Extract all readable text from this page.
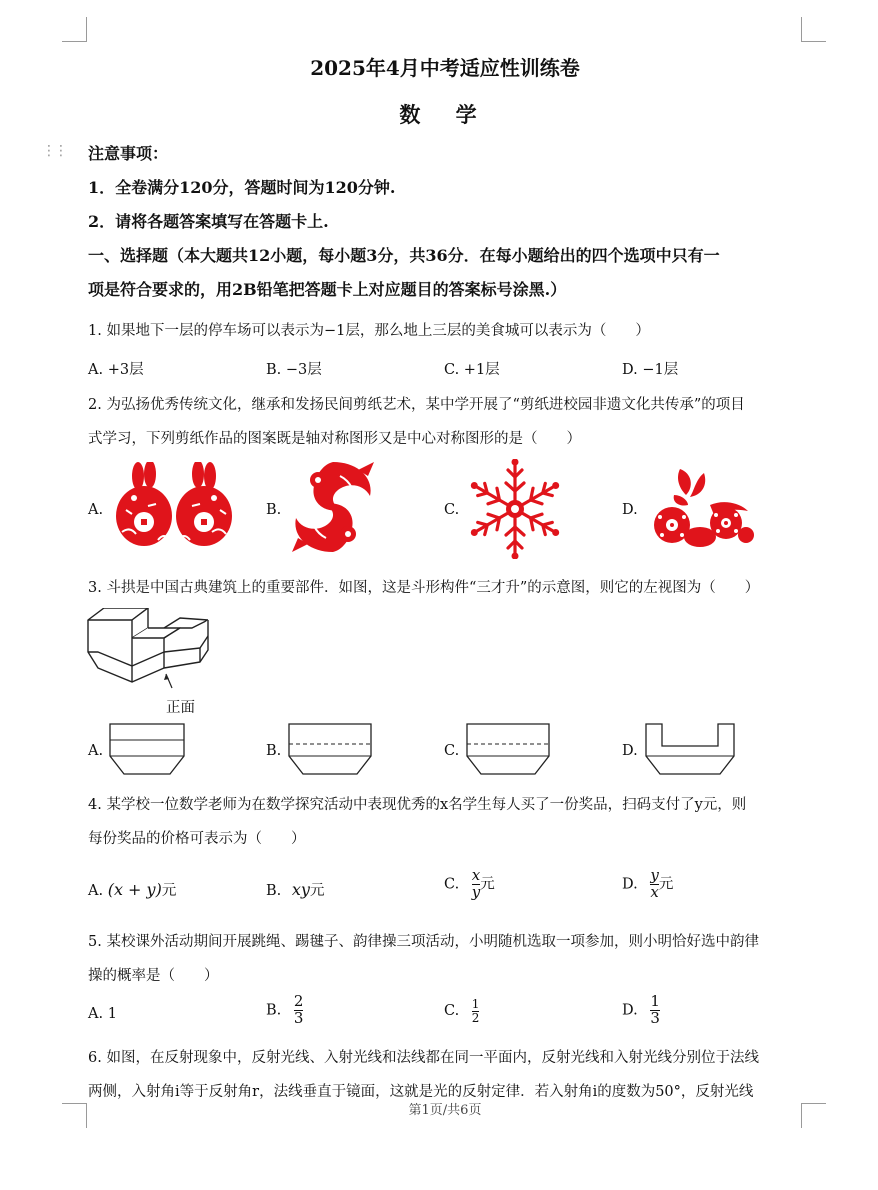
⋮⋮
2025年4月中考适应性训练卷
数 学
注意事项：
1．全卷满分120分，答题时间为120分钟.
2．请将各题答案填写在答题卡上.
一、选择题（本大题共12小题，每小题3分，共36分．在每小题给出的四个选项中只有一
项是符合要求的，用2B铅笔把答题卡上对应题目的答案标号涂黑.）
1. 如果地下一层的停车场可以表示为−1层，那么地上三层的美食城可以表示为（　　）
A. +3层	B. −3层	C. +1层	D. −1层
2. 为弘扬优秀传统文化，继承和发扬民间剪纸艺术，某中学开展了“剪纸进校园非遗文化共传承”的项目
式学习，下列剪纸作品的图案既是轴对称图形又是中心对称图形的是（　　）
A.	B.	C.	D.
3. 斗拱是中国古典建筑上的重要部件．如图，这是斗形构件“三才升”的示意图，则它的左视图为（　　）
正面
A.	B.	C.	D.
4. 某学校一位数学老师为在数学探究活动中表现优秀的x名学生每人买了一份奖品，扫码支付了y元，则
每份奖品的价格可表示为（　　）
A. (x + y)元	B. xy元	C. $\frac{x}{y}$ 元	D. $\frac{y}{x}$ 元
5. 某校课外活动期间开展跳绳、踢毽子、韵律操三项活动，小明随机选取一项参加，则小明恰好选中韵律
操的概率是（　　）
A. 1	B. $\frac{2}{3}$	C. $\frac{1}{2}$	D. $\frac{1}{3}$
6. 如图，在反射现象中，反射光线、入射光线和法线都在同一平面内，反射光线和入射光线分别位于法线
两侧，入射角i等于反射角r，法线垂直于镜面，这就是光的反射定律．若入射角i的度数为50°，反射光线
第1页/共6页
